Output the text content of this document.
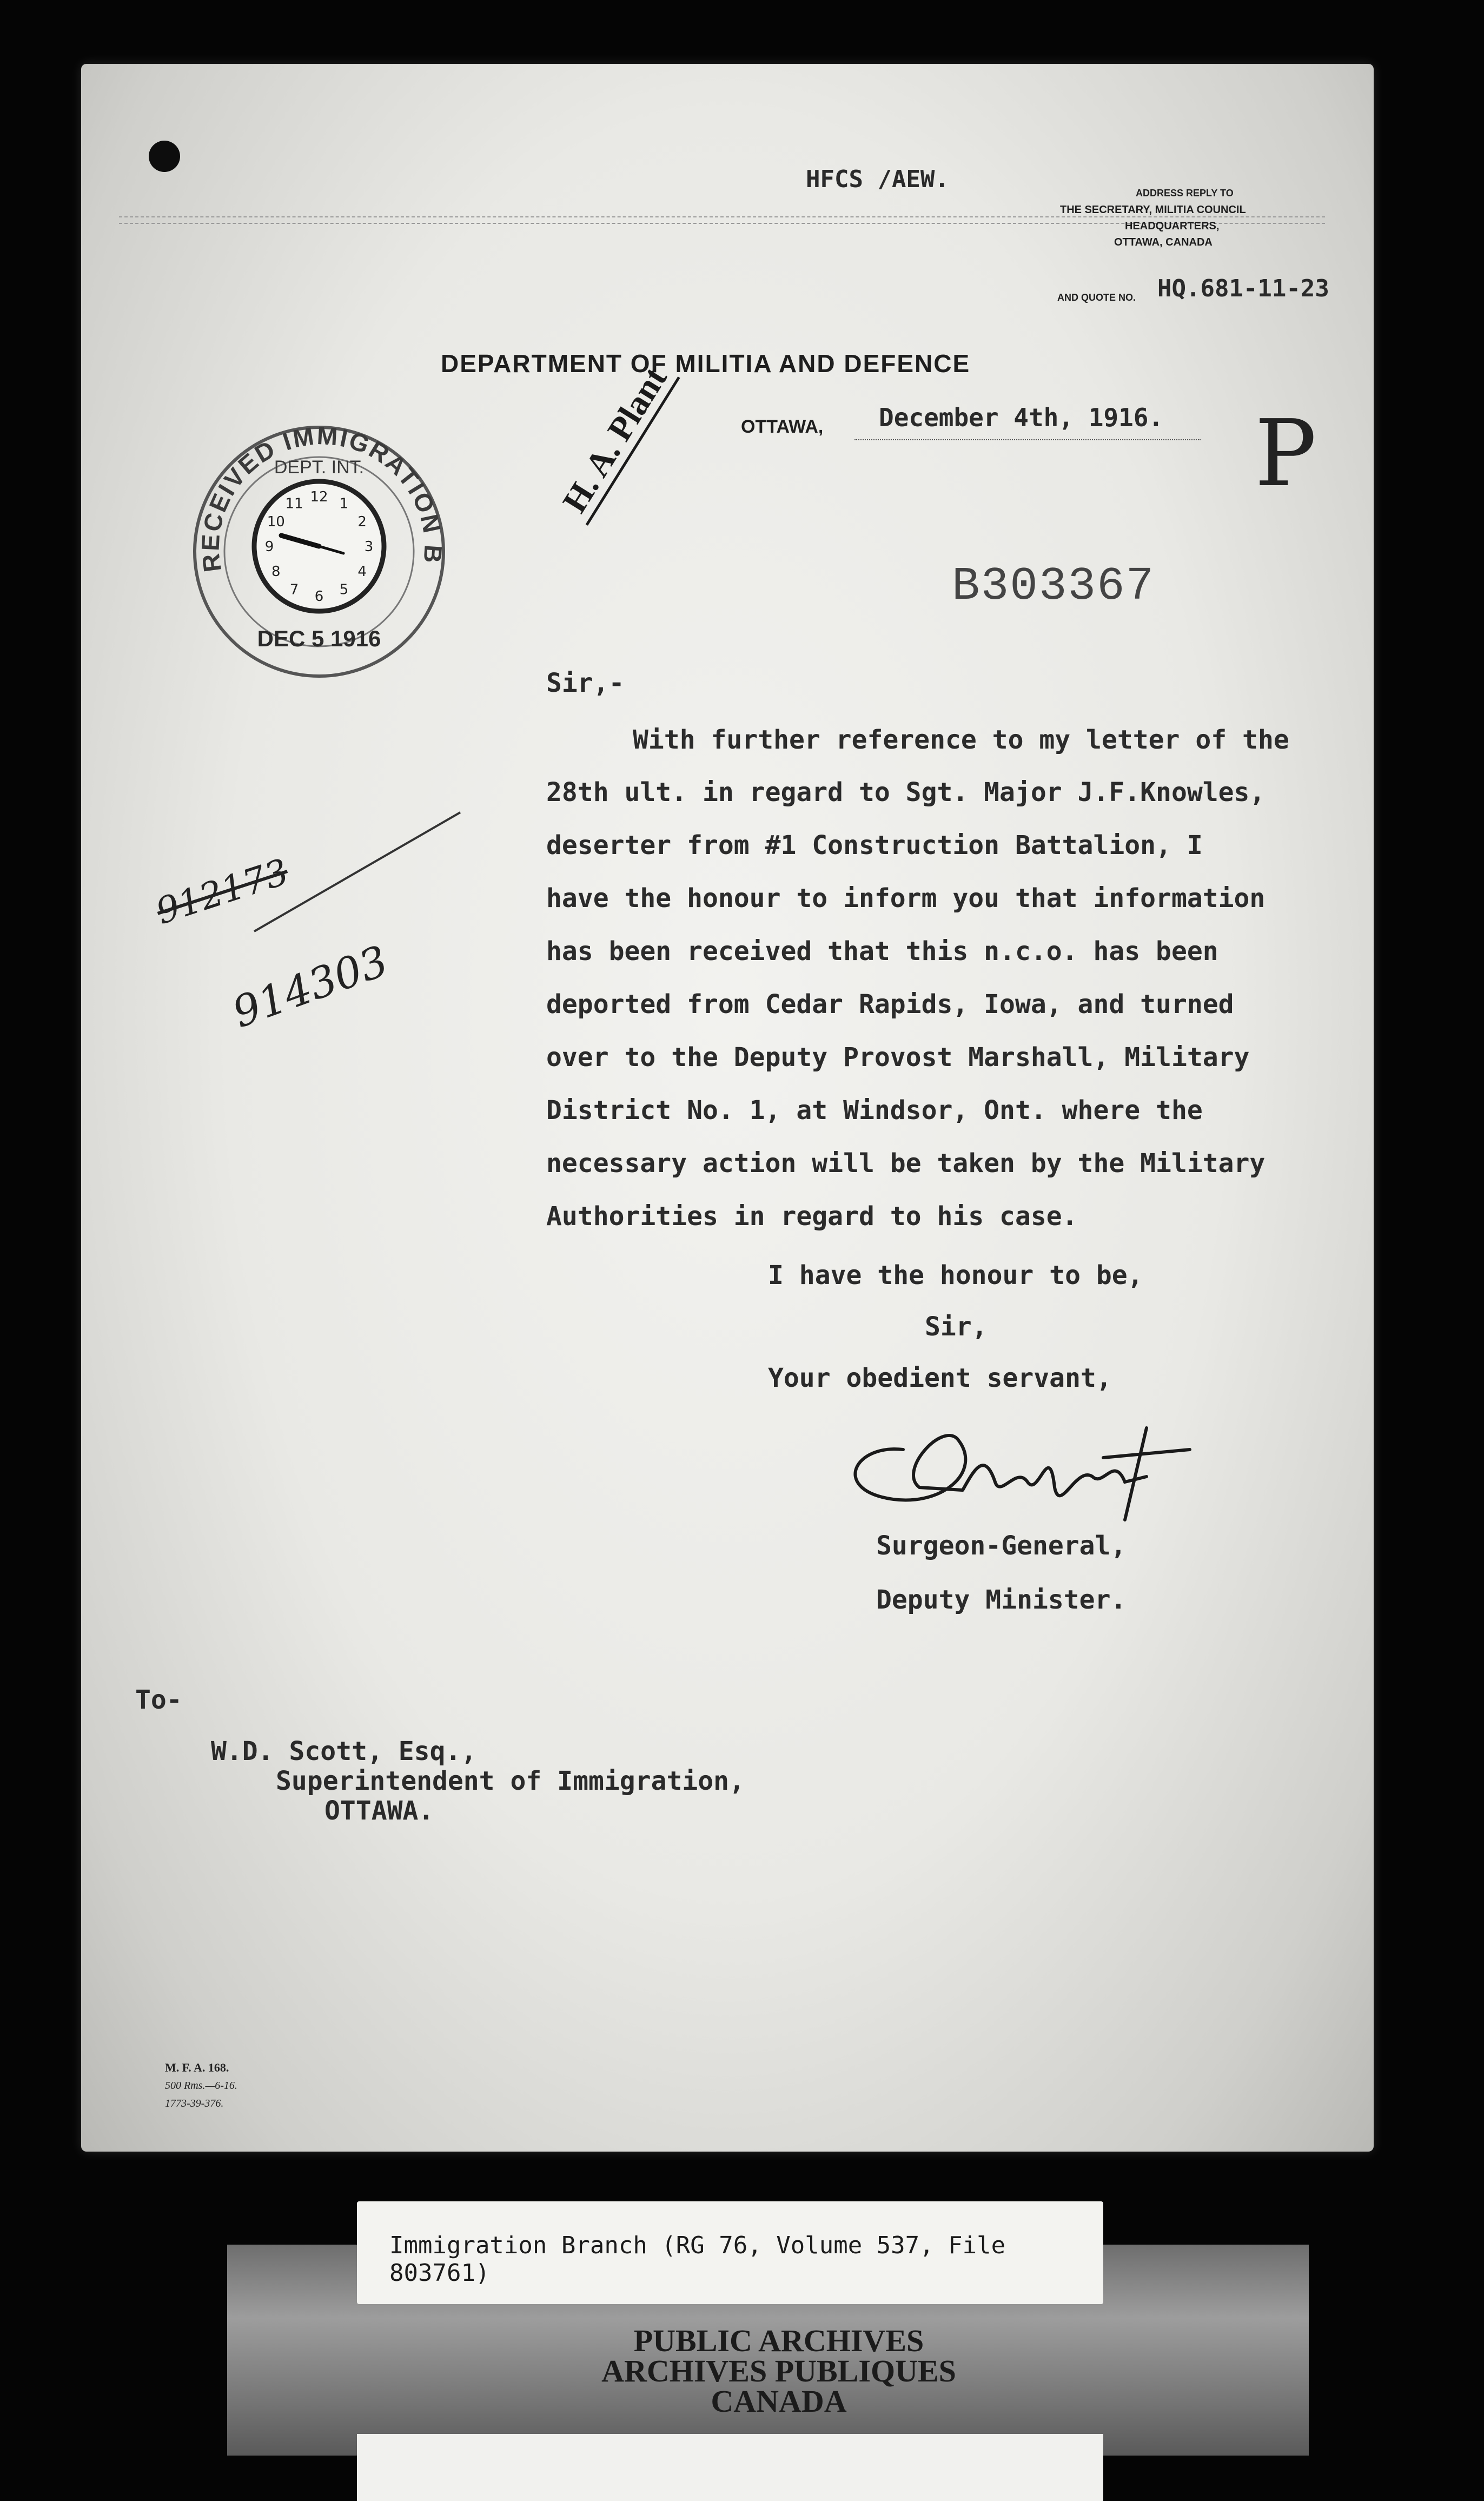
HFCS /AEW.	ADDRESS REPLY TO
THE SECRETARY, MILITIA COUNCIL
HEADQUARTERS,
OTTAWA, CANADA
AND QUOTE NO. HQ.681-11-23
DEPARTMENT OF MILITIA AND DEFENCE
OTTAWA, December 4th, 1916. P
RECEIVED IMMIGRATION B
DEPT. INT.
12 1
2
3
4
5
6
7
8
9
10
11
DEC 5 1916
H. A. Plant
B303367
912173
914303
Sir,-
With further reference to my letter of the
28th ult. in regard to Sgt. Major J.F.Knowles,
deserter from #1 Construction Battalion, I
have the honour to inform you that information
has been received that this n.c.o. has been
deported from Cedar Rapids, Iowa, and turned
over to the Deputy Provost Marshall, Military
District No. 1, at Windsor, Ont. where the
necessary action will be taken by the Military
Authorities in regard to his case.
I have the honour to be,
Sir,
Your obedient servant,
Surgeon-General,
Deputy Minister.
To-
W.D. Scott, Esq.,
Superintendent of Immigration,
OTTAWA.
M. F. A. 168.
500 Rms.—6-16.
1773-39-376.
Immigration Branch (RG 76, Volume 537, File 803761)
PUBLIC ARCHIVES
ARCHIVES PUBLIQUES
CANADA
